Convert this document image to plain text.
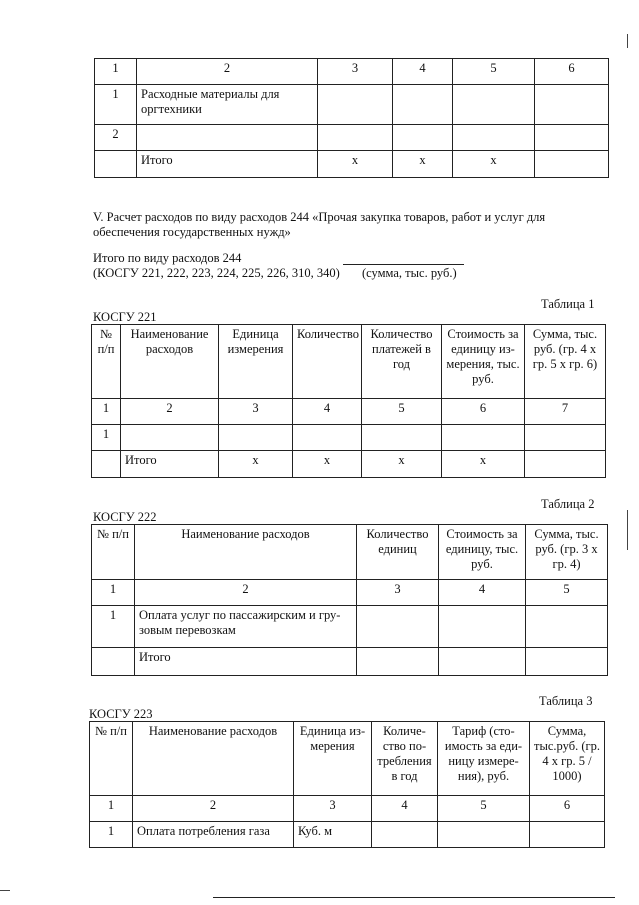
1	2	3	4	5	6
1	Расходные материалы для оргтехники				
2					
	Итого	x	x	x	
V. Расчет расходов по виду расходов 244 «Прочая закупка товаров, работ и услуг для
обеспечения государственных нужд»
Итого по виду расходов 244
(КОСГУ 221, 222, 223, 224, 225, 226, 310, 340) (сумма, тыс. руб.)
Таблица 1
КОСГУ 221
№ п/п	Наименование расходов	Единица измерения	Количество	Количество платежей в год	Стоимость за единицу из-мерения, тыс. руб.	Сумма, тыс. руб. (гр. 4 х гр. 5 х гр. 6)
1	2	3	4	5	6	7
1						
	Итого	x	x	x	x	
Таблица 2
КОСГУ 222
№ п/п	Наименование расходов	Количество единиц	Стоимость за единицу, тыс. руб.	Сумма, тыс. руб. (гр. 3 х гр. 4)
1	2	3	4	5
1	Оплата услуг по пассажирским и гру-зовым перевозкам			
	Итого			
Таблица 3
КОСГУ 223
№ п/п	Наименование расходов	Единица из-мерения	Количе-ство по-требления в год	Тариф (сто-имость за еди-ницу измере-ния), руб.	Сумма, тыс.руб. (гр. 4 х гр. 5 / 1000)
1	2	3	4	5	6
1	Оплата потребления газа	Куб. м			
